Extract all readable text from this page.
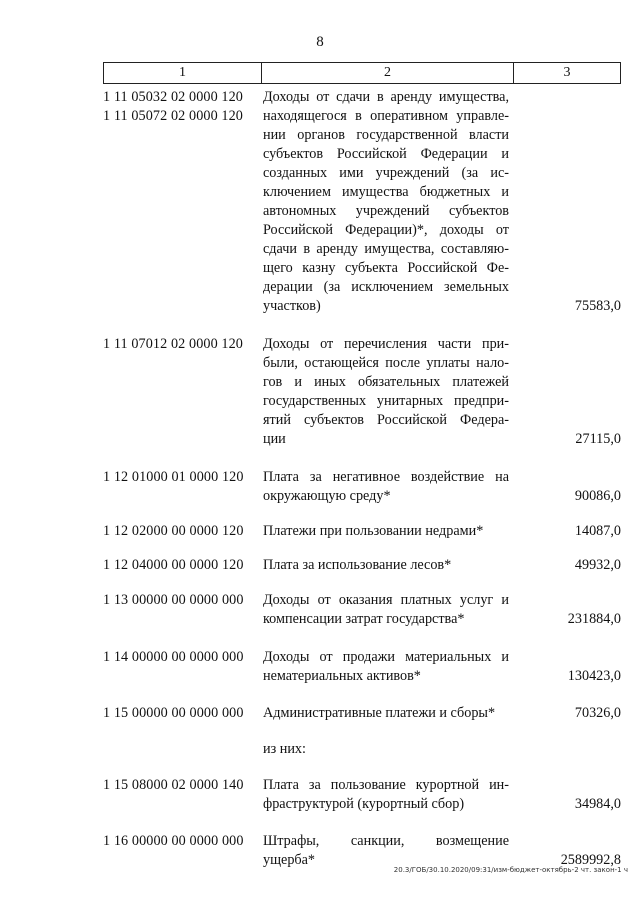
8
1	2	3
1 11 05032 02 0000 120
1 11 05072 02 0000 120
Доходы от сдачи в аренду имущества,
находящегося в оперативном управле-
нии органов государственной власти
субъектов Российской Федерации и
созданных ими учреждений (за ис-
ключением имущества бюджетных и
автономных учреждений субъектов
Российской Федерации)*, доходы от
сдачи в аренду имущества, составляю-
щего казну субъекта Российской Фе-
дерации (за исключением земельных
участков)	75583,0
1 11 07012 02 0000 120	Доходы от перечисления части при-
были, остающейся после уплаты нало-
гов и иных обязательных платежей
государственных унитарных предпри-
ятий субъектов Российской Федера-
ции	27115,0
1 12 01000 01 0000 120	Плата за негативное воздействие на
окружающую среду*	90086,0
1 12 02000 00 0000 120	Платежи при пользовании недрами*	14087,0
1 12 04000 00 0000 120	Плата за использование лесов*	49932,0
1 13 00000 00 0000 000	Доходы от оказания платных услуг и
компенсации затрат государства*	231884,0
1 14 00000 00 0000 000	Доходы от продажи материальных и
нематериальных активов*	130423,0
1 15 00000 00 0000 000	Административные платежи и сборы*	70326,0
из них:
1 15 08000 02 0000 140	Плата за пользование курортной ин-
фраструктурой (курортный сбор)	34984,0
1 16 00000 00 0000 000	Штрафы, санкции, возмещение
ущерба*	2589992,8
20.3/ГОБ/30.10.2020/09:31/изм-бюджет-октябрь-2 чт. закон-1 ч
